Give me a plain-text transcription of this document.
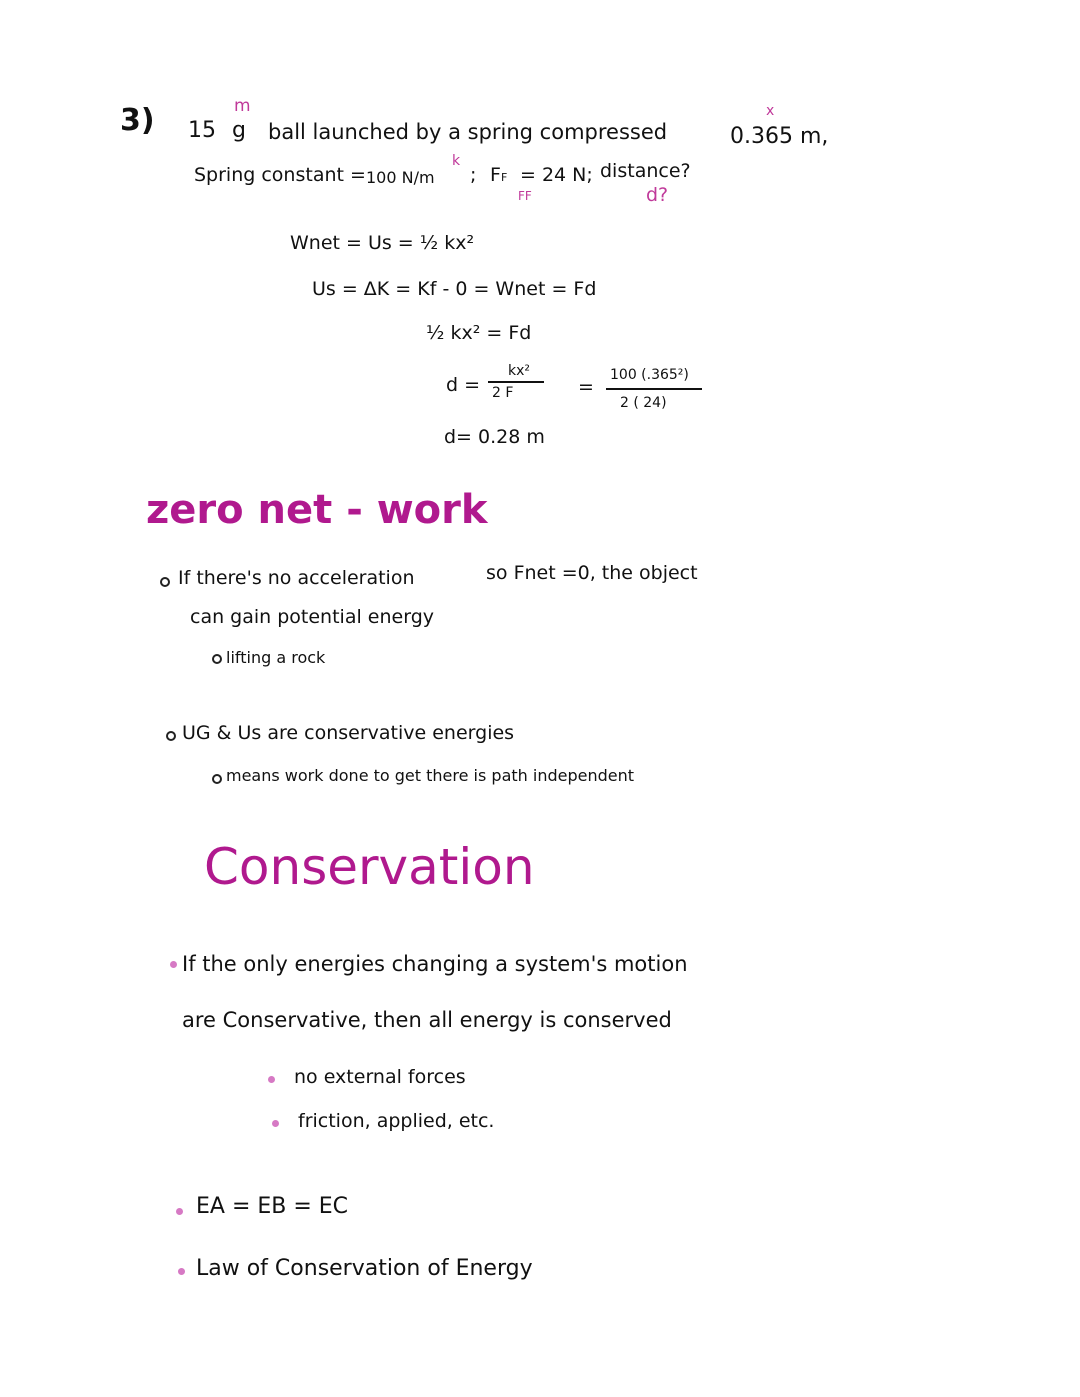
3)	m
15 g ball launched by a spring compressed
x
0.365 m,
Spring constant = 100 N/m
k
; FF = 24 N; distance?
FF	d?
Wnet = Us = ½ kx²
Us = ΔK = Kf - 0 = Wnet = Fd
½ kx² = Fd
d =
kx²
2 F	=
100 (.365²)
2 ( 24)
d= 0.28 m
zero net - work
If there's no acceleration	so Fnet =0, the object
can gain potential energy
lifting a rock
UG & Us are conservative energies
means work done to get there is path independent
Conservation
If the only energies changing a system's motion
are Conservative, then all energy is conserved
no external forces
friction, applied, etc.
EA = EB = EC
Law of Conservation of Energy
